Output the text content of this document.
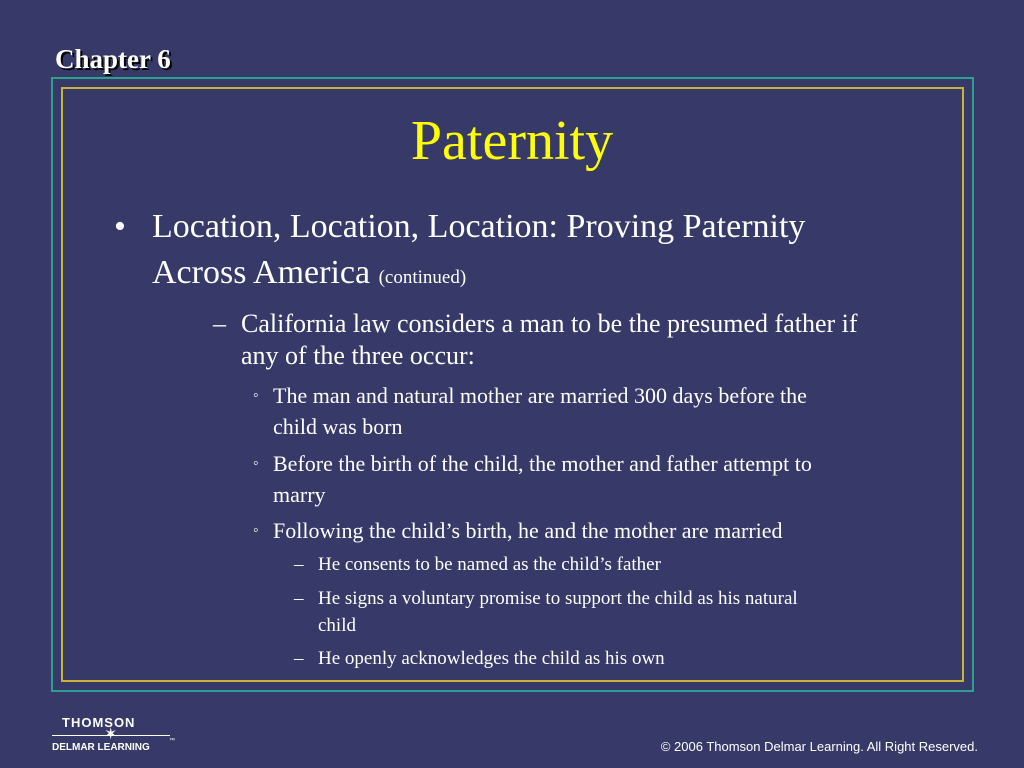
Chapter 6
Paternity
• Location, Location, Location: Proving Paternity
Across America (continued)
– California law considers a man to be the presumed father if
any of the three occur:
◦ The man and natural mother are married 300 days before the
child was born
◦ Before the birth of the child, the mother and father attempt to
marry
◦ Following the child’s birth, he and the mother are married
– He consents to be named as the child’s father
– He signs a voluntary promise to support the child as his natural
child
– He openly acknowledges the child as his own
THOMSON
✶
DELMAR LEARNING
™	© 2006 Thomson Delmar Learning. All Right Reserved.
